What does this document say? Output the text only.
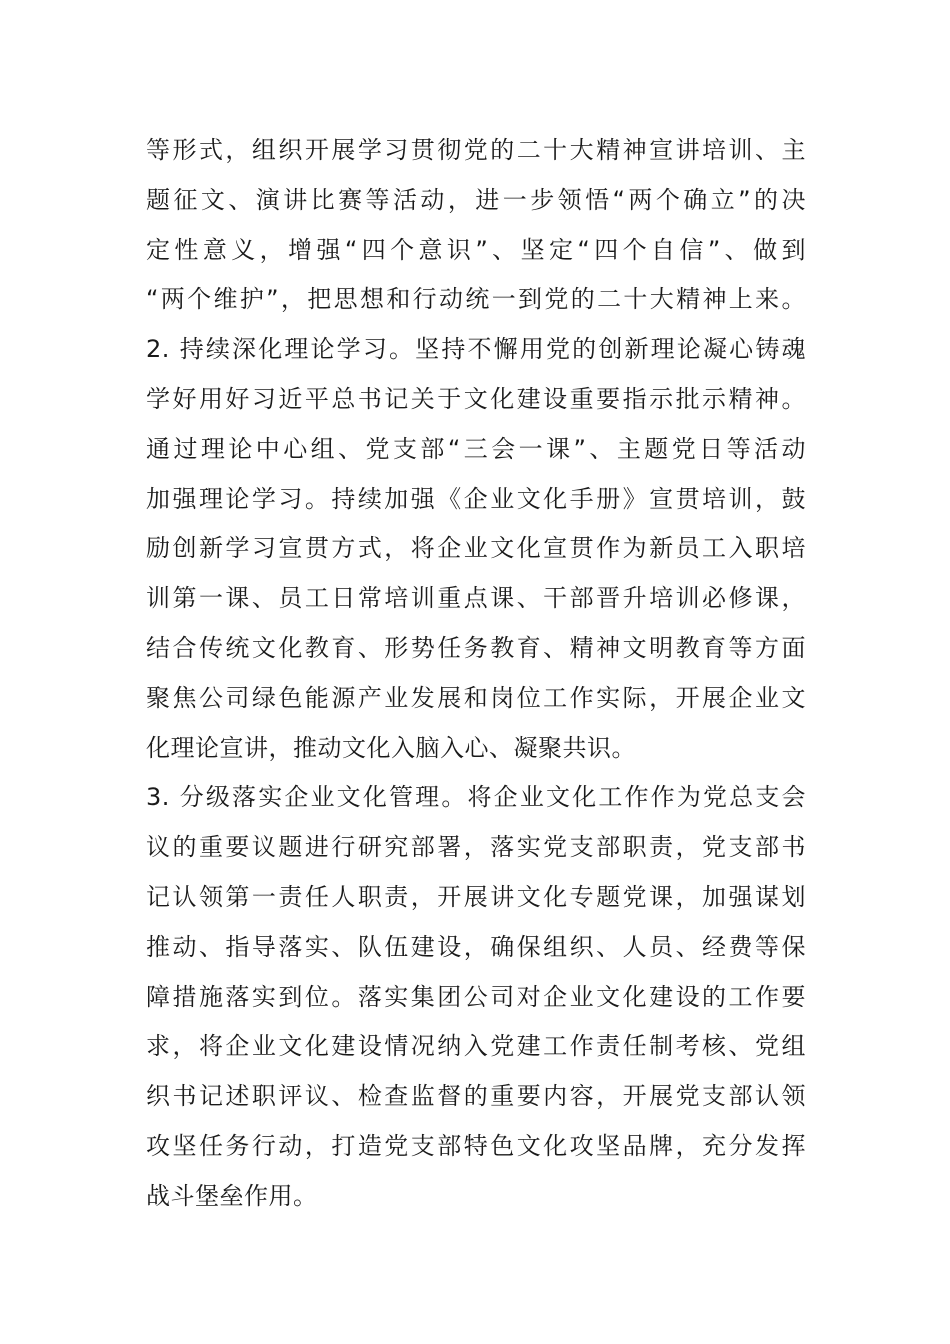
等形式，组织开展学习贯彻党的二十大精神宣讲培训、主
题征文、演讲比赛等活动，进一步领悟“两个确立”的决
定性意义，增强“四个意识”、坚定“四个自信”、做到
“两个维护”，把思想和行动统一到党的二十大精神上来。
2. 持续深化理论学习。坚持不懈用党的创新理论凝心铸魂
学好用好习近平总书记关于文化建设重要指示批示精神。
通过理论中心组、党支部“三会一课”、主题党日等活动
加强理论学习。持续加强《企业文化手册》宣贯培训，鼓
励创新学习宣贯方式，将企业文化宣贯作为新员工入职培
训第一课、员工日常培训重点课、干部晋升培训必修课，
结合传统文化教育、形势任务教育、精神文明教育等方面
聚焦公司绿色能源产业发展和岗位工作实际，开展企业文
化理论宣讲，推动文化入脑入心、凝聚共识。
3. 分级落实企业文化管理。将企业文化工作作为党总支会
议的重要议题进行研究部署，落实党支部职责，党支部书
记认领第一责任人职责，开展讲文化专题党课，加强谋划
推动、指导落实、队伍建设，确保组织、人员、经费等保
障措施落实到位。落实集团公司对企业文化建设的工作要
求，将企业文化建设情况纳入党建工作责任制考核、党组
织书记述职评议、检查监督的重要内容，开展党支部认领
攻坚任务行动，打造党支部特色文化攻坚品牌，充分发挥
战斗堡垒作用。
